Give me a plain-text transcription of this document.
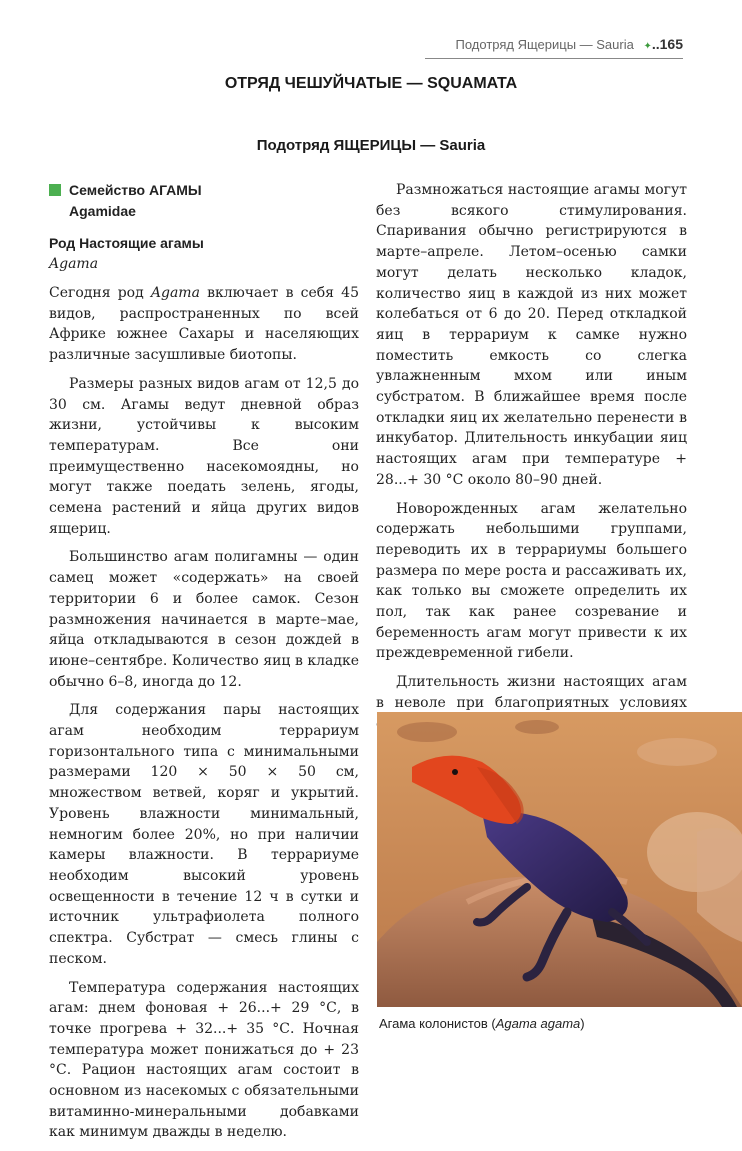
Подотряд Ящерицы — Sauria ✦..165
ОТРЯД ЧЕШУЙЧАТЫЕ — SQUAMATA
Подотряд ЯЩЕРИЦЫ — Sauria
Семейство АГАМЫ
Agamidae
Род Настоящие агамы
Agama

Сегодня род Agama включает в себя 45 видов, распространенных по всей Африке южнее Сахары и населяющих различные засушливые биотопы.

Размеры разных видов агам от 12,5 до 30 см. Агамы ведут дневной образ жизни, устойчивы к высоким температурам. Все они преимущественно насекомоядны, но могут также поедать зелень, ягоды, семена растений и яйца других видов ящериц.

Большинство агам полигамны — один самец может «содержать» на своей территории 6 и более самок. Сезон размножения начинается в марте–мае, яйца откладываются в сезон дождей в июне–сентябре. Количество яиц в кладке обычно 6–8, иногда до 12.

Для содержания пары настоящих агам необходим террариум горизонтального типа с минимальными размерами 120 × 50 × 50 см, множеством ветвей, коряг и укрытий. Уровень влажности минимальный, немногим более 20%, но при наличии камеры влажности. В террариуме необходим высокий уровень освещенности в течение 12 ч в сутки и источник ультрафиолета полного спектра. Субстрат — смесь глины с песком.

Температура содержания настоящих агам: днем фоновая + 26...+ 29 °С, в точке прогрева + 32...+ 35 °С. Ночная температура может понижаться до + 23 °С. Рацион настоящих агам состоит в основном из насекомых с обязательными витаминно-минеральными добавками как минимум дважды в неделю.

Размножаться настоящие агамы могут без всякого стимулирования. Спаривания обычно регистрируются в марте–апреле. Летом–осенью самки могут делать несколько кладок, количество яиц в каждой из них может колебаться от 6 до 20. Перед откладкой яиц в террариум к самке нужно поместить емкость со слегка увлажненным мхом или иным субстратом. В ближайшее время после откладки яиц их желательно перенести в инкубатор. Длительность инкубации яиц настоящих агам при температуре + 28...+ 30 °С около 80–90 дней.

Новорожденных агам желательно содержать небольшими группами, переводить их в террариумы большего размера по мере роста и рассаживать их, как только вы сможете определить их пол, так как ранее созревание и беременность агам могут привести к их преждевременной гибели.

Длительность жизни настоящих агам в неволе при благоприятных условиях

Агама колонистов (Agama agama)
